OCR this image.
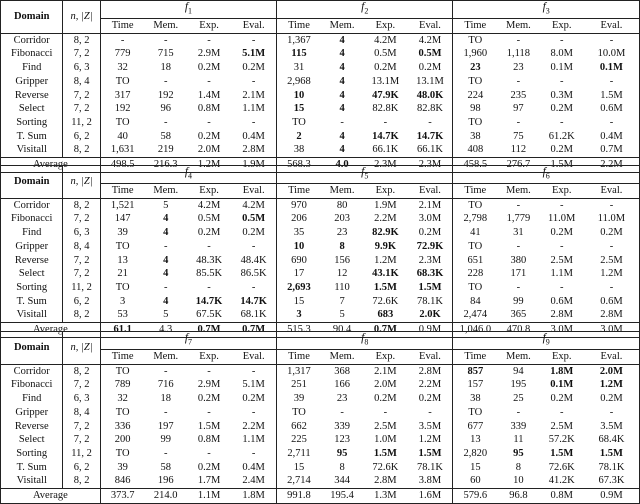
Domain	n, |Z|	$f_1$				$f_2$				$f_3$
		Time	Mem.	Exp.	Eval.	Time	Mem.	Exp.	Eval.	Time	Mem.	Exp.	Eval.
Corridor	8, 2	-	-	-	-	1,367	4	4.2M	4.2M	TO	-	-	-
Fibonacci	7, 2	779	715	2.9M	5.1M	115	4	0.5M	0.5M	1,960	1,118	8.0M	10.0M
Find	6, 3	32	18	0.2M	0.2M	31	4	0.2M	0.2M	23	23	0.1M	0.1M
Gripper	8, 4	TO	-	-	-	2,968	4	13.1M	13.1M	TO	-	-	-
Reverse	7, 2	317	192	1.4M	2.1M	10	4	47.9K	48.0K	224	235	0.3M	1.5M
Select	7, 2	192	96	0.8M	1.1M	15	4	82.8K	82.8K	98	97	0.2M	0.6M
Sorting	11, 2	TO	-	-	-	TO	-	-	-	TO	-	-	-
T. Sum	6, 2	40	58	0.2M	0.4M	2	4	14.7K	14.7K	38	75	61.2K	0.4M
Visitall	8, 2	1,631	219	2.0M	2.8M	38	4	66.1K	66.1K	408	112	0.2M	0.7M
Average		498.5	216.3	1.2M	1.9M	568.3	4.0	2.3M	2.3M	458.5	276.7	1.5M	2.2M
Domain	n, |Z|	$f_4$				$f_5$				$f_6$
		Time	Mem.	Exp.	Eval.	Time	Mem.	Exp.	Eval.	Time	Mem.	Exp.	Eval.
Corridor	8, 2	1,521	5	4.2M	4.2M	970	80	1.9M	2.1M	TO	-	-	-
Fibonacci	7, 2	147	4	0.5M	0.5M	206	203	2.2M	3.0M	2,798	1,779	11.0M	11.0M
Find	6, 3	39	4	0.2M	0.2M	35	23	82.9K	0.2M	41	31	0.2M	0.2M
Gripper	8, 4	TO	-	-	-	10	8	9.9K	72.9K	TO	-	-	-
Reverse	7, 2	13	4	48.3K	48.4K	690	156	1.2M	2.3M	651	380	2.5M	2.5M
Select	7, 2	21	4	85.5K	86.5K	17	12	43.1K	68.3K	228	171	1.1M	1.2M
Sorting	11, 2	TO	-	-	-	2,693	110	1.5M	1.5M	TO	-	-	-
T. Sum	6, 2	3	4	14.7K	14.7K	15	7	72.6K	78.1K	84	99	0.6M	0.6M
Visitall	8, 2	53	5	67.5K	68.1K	3	5	683	2.0K	2,474	365	2.8M	2.8M
Average		61.1	4.3	0.7M	0.7M	515.3	90.4	0.7M	0.9M	1,046.0	470.8	3.0M	3.0M
Domain	n, |Z|	$f_7$				$f_8$				$f_9$
		Time	Mem.	Exp.	Eval.	Time	Mem.	Exp.	Eval.	Time	Mem.	Exp.	Eval.
Corridor	8, 2	TO	-	-	-	1,317	368	2.1M	2.8M	857	94	1.8M	2.0M
Fibonacci	7, 2	789	716	2.9M	5.1M	251	166	2.0M	2.2M	157	195	0.1M	1.2M
Find	6, 3	32	18	0.2M	0.2M	39	23	0.2M	0.2M	38	25	0.2M	0.2M
Gripper	8, 4	TO	-	-	-	TO	-	-	-	TO	-	-	-
Reverse	7, 2	336	197	1.5M	2.2M	662	339	2.5M	3.5M	677	339	2.5M	3.5M
Select	7, 2	200	99	0.8M	1.1M	225	123	1.0M	1.2M	13	11	57.2K	68.4K
Sorting	11, 2	TO	-	-	-	2,711	95	1.5M	1.5M	2,820	95	1.5M	1.5M
T. Sum	6, 2	39	58	0.2M	0.4M	15	8	72.6K	78.1K	15	8	72.6K	78.1K
Visitall	8, 2	846	196	1.7M	2.4M	2,714	344	2.8M	3.8M	60	10	41.2K	67.3K
Average		373.7	214.0	1.1M	1.8M	991.8	195.4	1.3M	1.6M	579.6	96.8	0.8M	0.9M
